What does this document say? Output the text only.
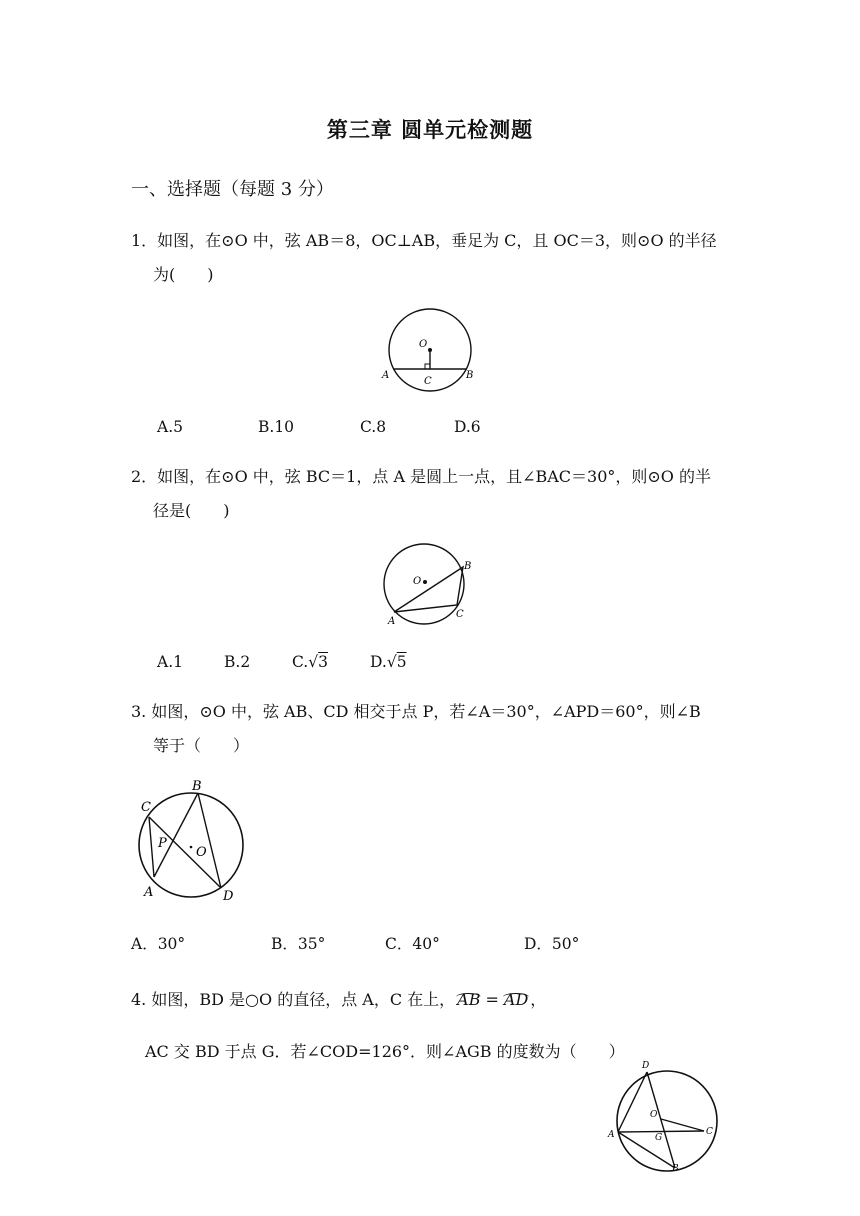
第三章 圆单元检测题
一、选择题（每题 3 分）
1．如图，在⊙O 中，弦 AB＝8，OC⊥AB，垂足为 C，且 OC＝3，则⊙O 的半径
为(　　)
O
A	B
C
A.5	B.10	C.8	D.6
2．如图，在⊙O 中，弦 BC＝1，点 A 是圆上一点，且∠BAC＝30°，则⊙O 的半
径是(　　)
O
A
B
C
A.1	B.2	C.√3	D.√5
3. 如图，⊙O 中，弦 AB、CD 相交于点 P，若∠A＝30°，∠APD＝60°，则∠B
等于（　　）
O
B
C
P
A	D
A．30°	B．35°	C．40°	D．50°
4. 如图，BD 是○O 的直径，点 A，C 在上， AB = AD ，
AC 交 BD 于点 G．若∠COD=126°．则∠AGB 的度数为（　　）
D
O
A	G
C
B
